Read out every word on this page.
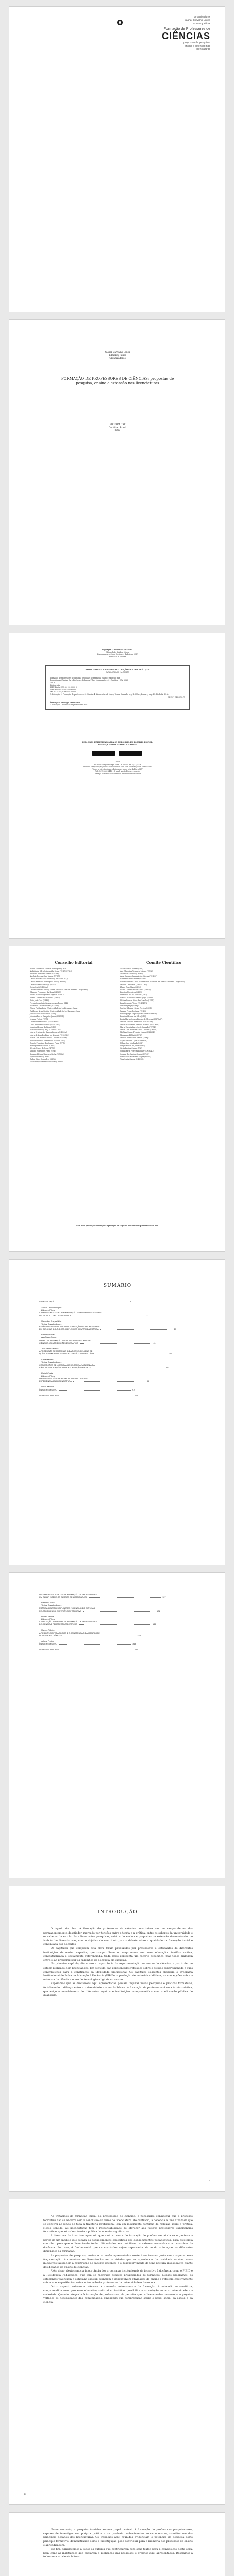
Organizadores
Yashar Carvalho Lopes
Edmarcy Filkes
Formação de Professores de
CIÊNCIAS
propostas de pesquisa,
ensino e extensão nas
licenciaturas
Yashar Carvalho Lopes
Edmarcy Filkes
Organizadores
FORMAÇÃO DE PROFESSORES DE CIÊNCIAS: propostas de pesquisa, ensino e extensão nas licenciaturas
EDITORA CRV
Curitiba - Brasil
2023
Copyright © da Editora CRV Ltda.
Editor-chefe: Railson Moura
Diagramação e Capa: Designers da Editora CRV
Revisão: Os Autores
DADOS INTERNACIONAIS DE CATALOGAÇÃO NA PUBLICAÇÃO (CIP)
CATALOGAÇÃO NA FONTE
Formação de professores de ciências: propostas de pesquisa, ensino e extensão nas
licenciaturas / Yashar Carvalho Lopes, Edmarcy Filkes (organizadores) – Curitiba : CRV, 2023.
108 p.
Bibliografia
ISBN Digital 978-65-251-0000-0
ISBN Físico 978-65-251-0000-0
DOI 10.24824/978652510000.0
1. Educação 2. Formação de professores 3. Ciências 4. Licenciatura I. Lopes, Yashar Carvalho org. II. Filkes, Edmarcy org. III. Título IV. Série
CDU 37 CDD 370.71
Índice para catálogo sistemático
1. Educação – Formação de professores 370.71
ESTA OBRA TAMBÉM ENCONTRA-SE DISPONÍVEL EM FORMATO DIGITAL.
CONHEÇA E BAIXE NOSSO APLICATIVO!
2023
Foi feito o depósito legal conf. Lei 10.994 de 14/12/2004
Proibida a reprodução parcial ou total desta obra sem autorização da Editora CRV
Todos os direitos desta edição reservados pela: Editora CRV
Tel.: (41) 3039-6418 – E-mail: sac@editoracrv.com.br
Conheça os nossos lançamentos: www.editoracrv.com.br
Conselho Editorial
Aldira Guimarães Duarte Domínguez (UNB)
Andréia da Silva Quintanilha Sousa (UNIR/UFRN)
Anselmo Alencar Colares (UFOPA)
Antônio Pereira Gaio Júnior (UFRRJ)
Carlos Alberto Vilar Estêvão (UMINHO – PT)
Carlos Federico Dominguez Avila (Unieuro)
Carmen Tereza Velanga (UNIR)
Celso Conti (UFSCar)
Cesar Gerónimo Tello (Univer. Nacional Três de Febrero – Argentina)
Eduardo Fernandes Barbosa (UFMG)
Elione Maria Nogueira Diogenes (UFAL)
Elizeu Clementino de Souza (UNEB)
Élsio José Corá (UFFS)
Fernando Antônio Gonçalves Alcoforado (IPB)
Francisco Carlos Duarte (PUC-PR)
Gloria Fariñas León (Universidade de La Havana – Cuba)
Guillermo Arias Beatón (Universidade de La Havana – Cuba)
Jailson Alves dos Santos (UFRJ)
João Adalberto Campato Junior (UNESP)
Josania Portela (UFPI)
Leonel Severo Rocha (UNISINOS)
Lídia de Oliveira Xavier (UNIEURO)
Lourdes Helena da Silva (UFV)
Marcelo Paixão (UFRJ e UTexas – US)
Maria Cristina dos Santos Bezerra (UFSCar)
Maria de Lourdes Pinto de Almeida (UNOESC)
Maria Lília Imbiriba Sousa Colares (UFOPA)
Paulo Romualdo Hernandes (UNIFAL-MG)
Renato Francisco dos Santos Paula (UFG)
Rodrigo Pratte-Santos (UFES)
Sérgio Nunes de Jesus (IFRO)
Simone Rodrigues Pinto (UNB)
Solange Helena Ximenes-Rocha (UFOPA)
Sydione Santos (UEPG)
Tadeu Oliver Gonçalves (UFPA)
Tania Suely Azevedo Brasileiro (UFOPA)
Comitê Científico
Altair Alberto Fávero (UPF)
Ana Chrystina Venancio Mignot (UERJ)
Andréia N. Militão (UEMS)
Anna Augusta Sampaio de Oliveira (UNESP)
Barbara Coelho Neves (UFBA)
Cesar Gerónimo Tello (Universidad Nacional de Três de Febrero – Argentina)
Diosnel Centurion (UNIDA – PY)
Eliane Rose Maio (UEM)
Elizeu Clementino de Souza (UNEB)
Fauston Negreiros (UFPI)
Francisco Ari de Andrade (UFC)
Gláucia Maria dos Santos Jorge (UFOP)
Helder Buenos Aires de Carvalho (UFPI)
Ilma Passos A. Veiga (UNICEUB)
Inês Bragança (UERJ)
José de Ribamar Sousa Pereira (UCB)
Jussara Fraga Portugal (UNEB)
Kilwangy Kya Kapitango-a-Samba (Unemat)
Lourdes Helena da Silva (UFV)
Lucia Marisy Souza Ribeiro de Oliveira (UNIVASF)
Marcos Vinicius Francisco (UNOESTE)
Maria de Lourdes Pinto de Almeida (UNOESC)
Maria Eurácia Barreto de Andrade (UFRB)
Maria Lília Imbiriba Sousa Colares (UFOPA)
Míghian Danae Ferreira Nunes (UNILAB)
Mohammed Elhajji (UFRJ)
Mônica Pereira dos Santos (UFRJ)
Najela Tavares Ujiie (UNESPAR)
Nilson José Machado (USP)
Sérgio Nunes de Jesus (IFRO)
Silvia Regina Canan (URI)
Sonia Maria Ferreira Koehler (UNISAL)
Suzana dos Santos Gomes (UFMG)
Vânia Alves Martins Chaigar (FURG)
Vera Lucia Gaspar (UDESC)
Este livro passou por avaliação e aprovação às cegas de dois ou mais pareceristas ad hoc.
SUMÁRIO
APRESENTAÇÃO	9
Yashar Carvalho Lopes
Edmarcy Filkes
A IMPORTÂNCIA DA EXPERIMENTAÇÃO NO ENSINO DE CIÊNCIAS:
UM ESTUDO COM LICENCIANDOS	11
Maria das Graças Silva
Yashar Carvalho Lopes
ESTÁGIO SUPERVISIONADO NA FORMAÇÃO DE PROFESSORES
EM CIÊNCIAS BIOLÓGICAS: REFLEXÕES A PARTIR DA PRÁTICA	27
Edmarcy Filkes
Ana Paula Souza
O PIBID NA FORMAÇÃO INICIAL DE PROFESSORES DE
CIÊNCIAS: CONTRIBUIÇÕES E DESAFIOS	41
João Pedro Oliveira
A PRODUÇÃO DE MATERIAIS DIDÁTICOS NO ENSINO DE
QUÍMICA: UMA PROPOSTA DE EXTENSÃO UNIVERSITÁRIA	55
Carla Mendes
Yashar Carvalho Lopes
CONCEPÇÕES DE LICENCIANDOS SOBRE A NATUREZA DA
CIÊNCIA: IMPLICAÇÕES PARA A FORMAÇÃO DOCENTE	69
Rafael Costa
Edmarcy Filkes
O ENSINO DE FÍSICA E AS TECNOLOGIAS DIGITAIS:
EXPERIÊNCIAS NA LICENCIATURA	83
Lucas Almeida
ÍNDICE REMISSIVO	97
SOBRE OS AUTORES	101
OS SABERES DOCENTES NA FORMAÇÃO DE PROFESSORES:
UM OLHAR SOBRE OS CURSOS DE LICENCIATURA	107
Fernanda Lima
Yashar Carvalho Lopes
PRÁTICAS INTERDISCIPLINARES NO ENSINO DE CIÊNCIAS:
RELATOS DE UMA EXPERIÊNCIA FORMATIVA	121
Beatriz Santos
Edmarcy Filkes
A EDUCAÇÃO AMBIENTAL NA FORMAÇÃO DE PROFESSORES
DE CIÊNCIAS: PERSPECTIVAS CRÍTICAS	135
Marcos Ribeiro
A RESIDÊNCIA PEDAGÓGICA E A CONSTRUÇÃO DA IDENTIDADE
DOCENTE EM CIÊNCIAS	149
Juliana Freitas
ÍNDICE REMISSIVO	163
SOBRE OS AUTORES	167
INTRODUÇÃO

O legado da obra. A formação de professores de ciências constitui-se em um campo de estudos permanentemente desafiador, marcado por tensões entre a teoria e a prática, entre os saberes da universidade e os saberes da escola. Este livro reúne pesquisas, relatos de ensino e propostas de extensão desenvolvidas no âmbito das licenciaturas, com o objetivo de contribuir para o debate sobre a qualidade da formação inicial e continuada dos docentes.

Os capítulos que compõem esta obra foram produzidos por professores e estudantes de diferentes instituições de ensino superior, que compartilham o compromisso com uma educação científica crítica, contextualizada e socialmente referenciada. Cada texto apresenta um recorte específico, mas todos dialogam entre si ao problematizar os caminhos da docência em ciências.

No primeiro capítulo, discute-se a importância da experimentação no ensino de ciências, a partir de um estudo realizado com licenciandos. Em seguida, são apresentadas reflexões sobre o estágio supervisionado e suas contribuições para a construção da identidade profissional. Os capítulos seguintes abordam o Programa Institucional de Bolsa de Iniciação à Docência (PIBID), a produção de materiais didáticos, as concepções sobre a natureza da ciência e o uso de tecnologias digitais no ensino.

Esperamos que as discussões aqui apresentadas possam inspirar novas pesquisas e práticas formativas, fortalecendo o diálogo entre a universidade e a escola básica. A formação de professores é uma tarefa coletiva, que exige o envolvimento de diferentes sujeitos e instituições comprometidos com a educação pública de qualidade.

9

Ao tratarmos da formação inicial de professores de ciências, é necessário considerar que o processo formativo não se encerra com a conclusão do curso de licenciatura. Ao contrário, a docência é uma atividade que se constrói ao longo de toda a trajetória profissional, em um movimento contínuo de reflexão sobre a prática. Nesse sentido, as licenciaturas têm a responsabilidade de oferecer aos futuros professores experiências formativas que articulem teoria e prática de maneira significativa.

A literatura da área tem apontado que muitos cursos de formação de professores ainda se organizam a partir de um modelo que separa os conhecimentos específicos dos conhecimentos pedagógicos. Essa dicotomia contribui para que o licenciando tenha dificuldades em mobilizar os saberes necessários ao exercício da docência. Por isso, é fundamental que os currículos sejam repensados de modo a integrar as diferentes dimensões da formação.

As propostas de pesquisa, ensino e extensão apresentadas neste livro buscam justamente superar essa fragmentação. Ao envolver os licenciandos em atividades que os aproximam da realidade escolar, essas iniciativas favorecem a construção de saberes docentes e o desenvolvimento de uma postura investigativa diante dos desafios do ensino de ciências.

Além disso, destacamos a importância dos programas institucionais de incentivo à docência, como o PIBID e a Residência Pedagógica, que têm se mostrado espaços privilegiados de formação. Nesses programas, os estudantes vivenciam o cotidiano escolar, planejam e desenvolvem atividades de ensino e refletem coletivamente sobre suas experiências, sob a orientação de professores da universidade e da escola.

Outro aspecto relevante refere-se à dimensão extensionista da formação. A extensão universitária, compreendida como processo educativo, cultural e científico, possibilita a articulação entre a universidade e a sociedade. Quando integrada à formação de professores, ela permite que os licenciandos desenvolvam projetos voltados às necessidades das comunidades, ampliando sua compreensão sobre o papel social da escola e da ciência.

10

Nesse contexto, a pesquisa também assume papel central. A formação de professores pesquisadores, capazes de investigar sua própria prática e de produzir conhecimentos sobre o ensino, constitui um dos principais desafios das licenciaturas. Os trabalhos aqui reunidos evidenciam o potencial da pesquisa como princípio formativo, demonstrando como a investigação pode contribuir para a melhoria dos processos de ensino e aprendizagem.

Por fim, agradecemos a todos os autores que contribuíram com seus textos para a composição desta obra, bem como às instituições que apoiaram a realização das pesquisas e projetos aqui apresentados. Desejamos a todos uma excelente leitura.
